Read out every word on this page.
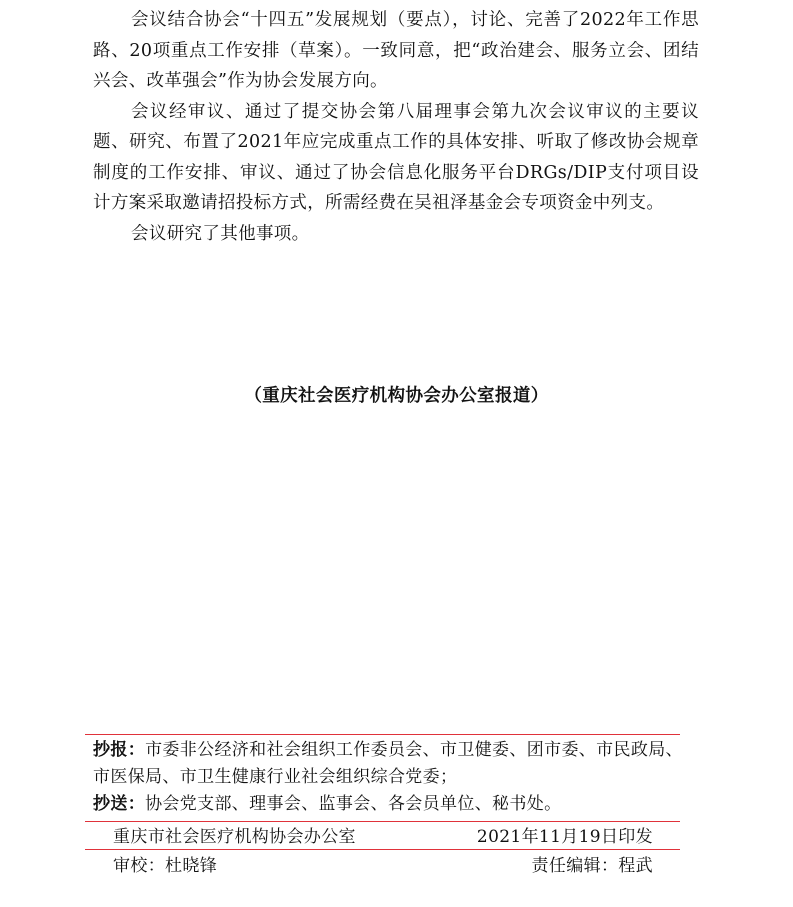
会议结合协会“十四五”发展规划（要点），讨论、完善了2022年工作思路、20项重点工作安排（草案）。一致同意，把“政治建会、服务立会、团结兴会、改革强会”作为协会发展方向。

会议经审议、通过了提交协会第八届理事会第九次会议审议的主要议题、研究、布置了2021年应完成重点工作的具体安排、听取了修改协会规章制度的工作安排、审议、通过了协会信息化服务平台DRGs/DIP支付项目设计方案采取邀请招投标方式，所需经费在吴祖泽基金会专项资金中列支。

会议研究了其他事项。

（重庆社会医疗机构协会办公室报道）
抄报：市委非公经济和社会组织工作委员会、市卫健委、团市委、市民政局、市医保局、市卫生健康行业社会组织综合党委；
抄送：协会党支部、理事会、监事会、各会员单位、秘书处。
重庆市社会医疗机构协会办公室	2021年11月19日印发
审校：杜晓锋	责任编辑：程武
